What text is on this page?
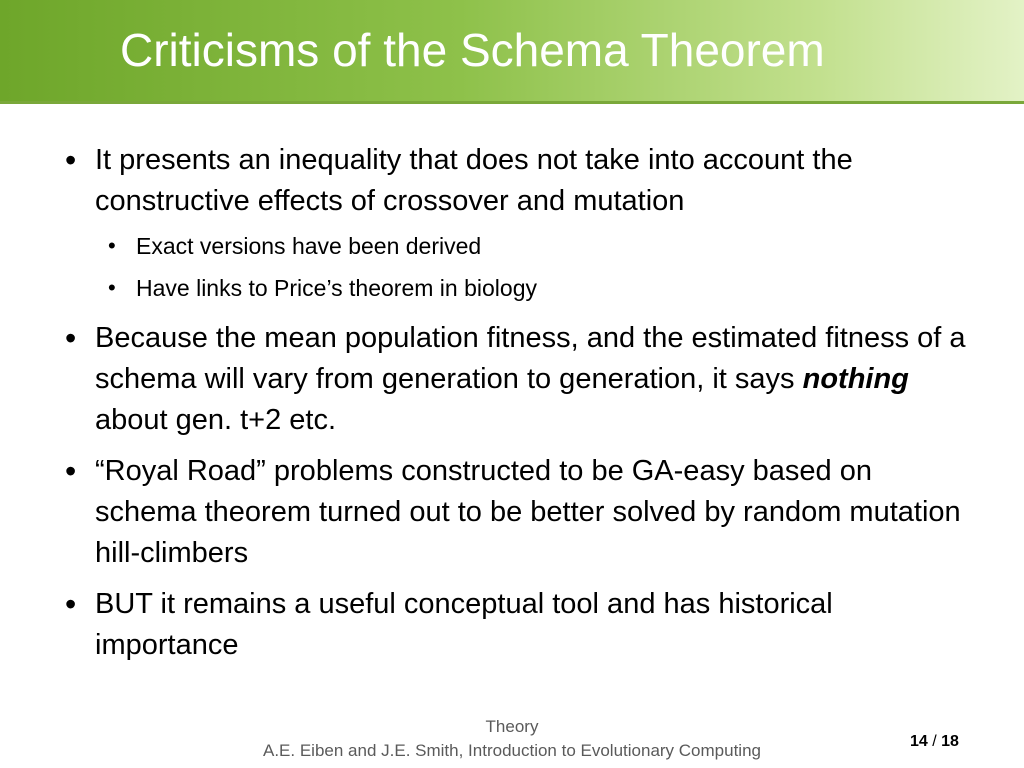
Criticisms of the Schema Theorem
• It presents an inequality that does not take into account the constructive effects of crossover and mutation
• Exact versions have been derived
• Have links to Price’s theorem in biology
• Because the mean population fitness, and the estimated fitness of a schema will vary from generation to generation, it says nothing about gen. t+2 etc.
• “Royal Road” problems constructed to be GA-easy based on schema theorem turned out to be better solved by random mutation hill-climbers
• BUT it remains a useful conceptual tool and has historical importance
Theory
A.E. Eiben and J.E. Smith, Introduction to Evolutionary Computing	14 / 18
